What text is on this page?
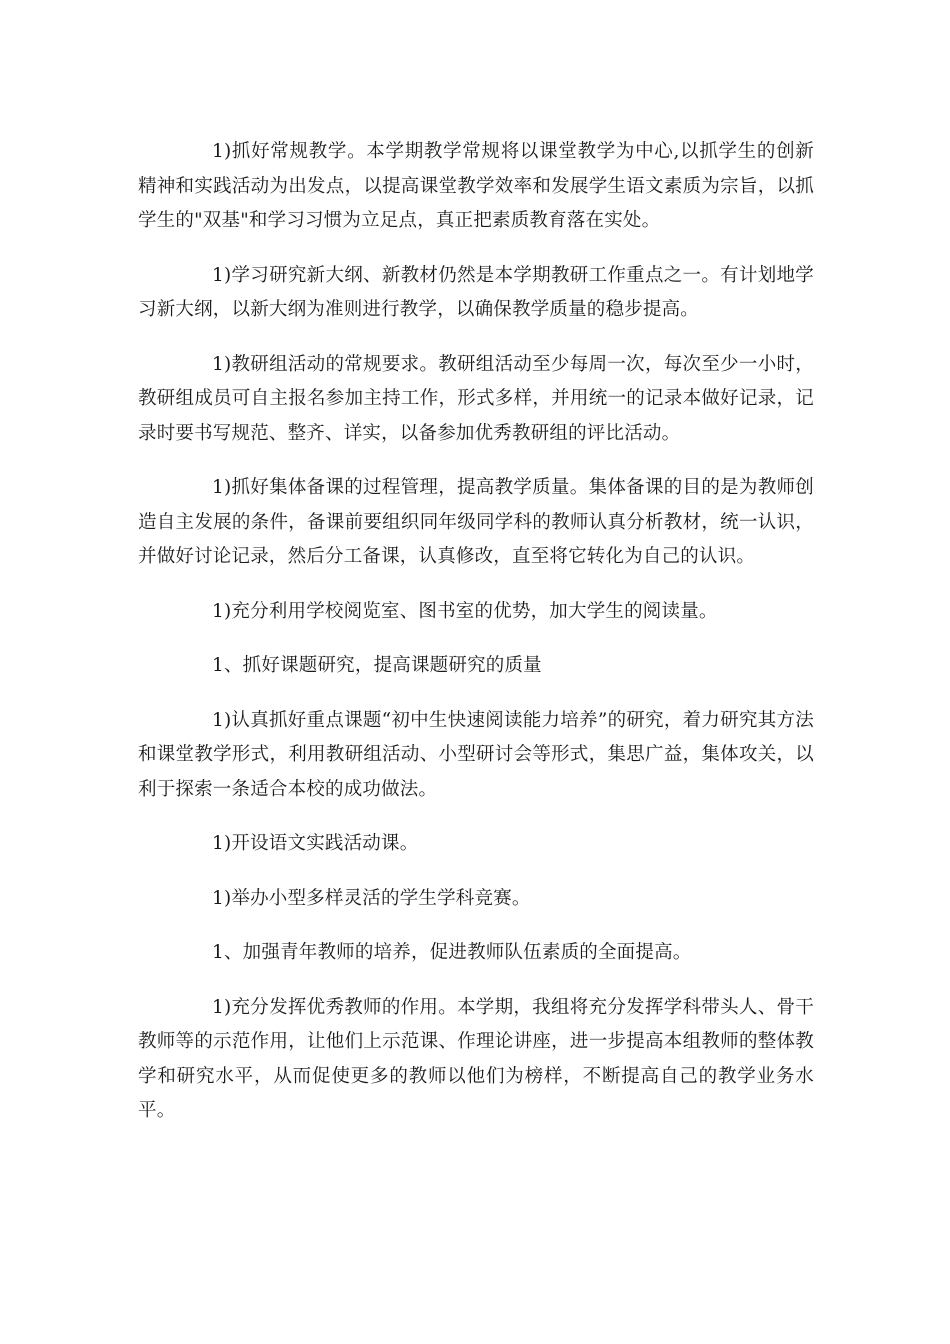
1)抓好常规教学。本学期教学常规将以课堂教学为中心,以抓学生的创新精神和实践活动为出发点，以提高课堂教学效率和发展学生语文素质为宗旨，以抓学生的"双基"和学习习惯为立足点，真正把素质教育落在实处。

1)学习研究新大纲、新教材仍然是本学期教研工作重点之一。有计划地学习新大纲，以新大纲为准则进行教学，以确保教学质量的稳步提高。

1)教研组活动的常规要求。教研组活动至少每周一次，每次至少一小时，教研组成员可自主报名参加主持工作，形式多样，并用统一的记录本做好记录，记录时要书写规范、整齐、详实，以备参加优秀教研组的评比活动。

1)抓好集体备课的过程管理，提高教学质量。集体备课的目的是为教师创造自主发展的条件，备课前要组织同年级同学科的教师认真分析教材，统一认识，并做好讨论记录，然后分工备课，认真修改，直至将它转化为自己的认识。

1)充分利用学校阅览室、图书室的优势，加大学生的阅读量。

1、抓好课题研究，提高课题研究的质量

1)认真抓好重点课题“初中生快速阅读能力培养”的研究，着力研究其方法和课堂教学形式，利用教研组活动、小型研讨会等形式，集思广益，集体攻关，以利于探索一条适合本校的成功做法。

1)开设语文实践活动课。

1)举办小型多样灵活的学生学科竞赛。

1、加强青年教师的培养，促进教师队伍素质的全面提高。

1)充分发挥优秀教师的作用。本学期，我组将充分发挥学科带头人、骨干教师等的示范作用，让他们上示范课、作理论讲座，进一步提高本组教师的整体教学和研究水平，从而促使更多的教师以他们为榜样，不断提高自己的教学业务水平。
